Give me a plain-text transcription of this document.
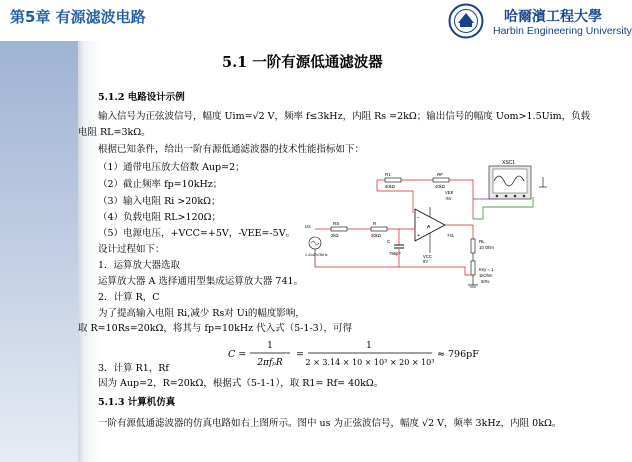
第5章 有源滤波电路	哈爾濱工程大學
Harbin Engineering University
5.1 一阶有源低通滤波器
5.1.2 电路设计示例
输入信号为正弦波信号，幅度 Uim=√2 V，频率 f≤3kHz，内阻 Rs =2kΩ；输出信号的幅度 Uom>1.5Uim，负载
电阻 RL=3kΩ。
根据已知条件，给出一阶有源低通滤波器的技术性能指标如下：
（1）通带电压放大倍数 Aup=2；
（2）截止频率 fp=10kHz；
（3）输入电阻 Ri >20kΩ；
（4）负载电阻 RL>120Ω；
（5）电源电压，+VCC=+5V，-VEE=-5V。
设计过程如下：
1．运算放大器选取
运算放大器 A 选择通用型集成运算放大器 741。
2．计算 R，C
为了提高输入电阻 Ri,减少 Rs对 Ui的幅度影响，
取 R=10Rs=20kΩ，将其与 fp=10kHz 代入式（5-1-3），可得
C =
1
2πfₚR
=
1
2 × 3.14 × 10 × 10³ × 20 × 10³
≈ 796pF
3．计算 R1，Rf
因为 Aup=2，R=20kΩ，根据式（5-1-1），取 R1= Rf= 40kΩ。
5.1.3 计算机仿真
一阶有源低通滤波器的仿真电路如右上图所示。图中 us 为正弦波信号，幅度 √2 V，频率 3kHz，内阻 0kΩ。
XSC1
R1
40kΩ
RF
40kΩ
VEE
-5V
−
+
A
741
RS
2kΩ
R
20kΩ
C
796pF
VCC
5V
Us
1.4142V/3kHz
RL
10 Ohm
Key = 1
1kOhm
50%
